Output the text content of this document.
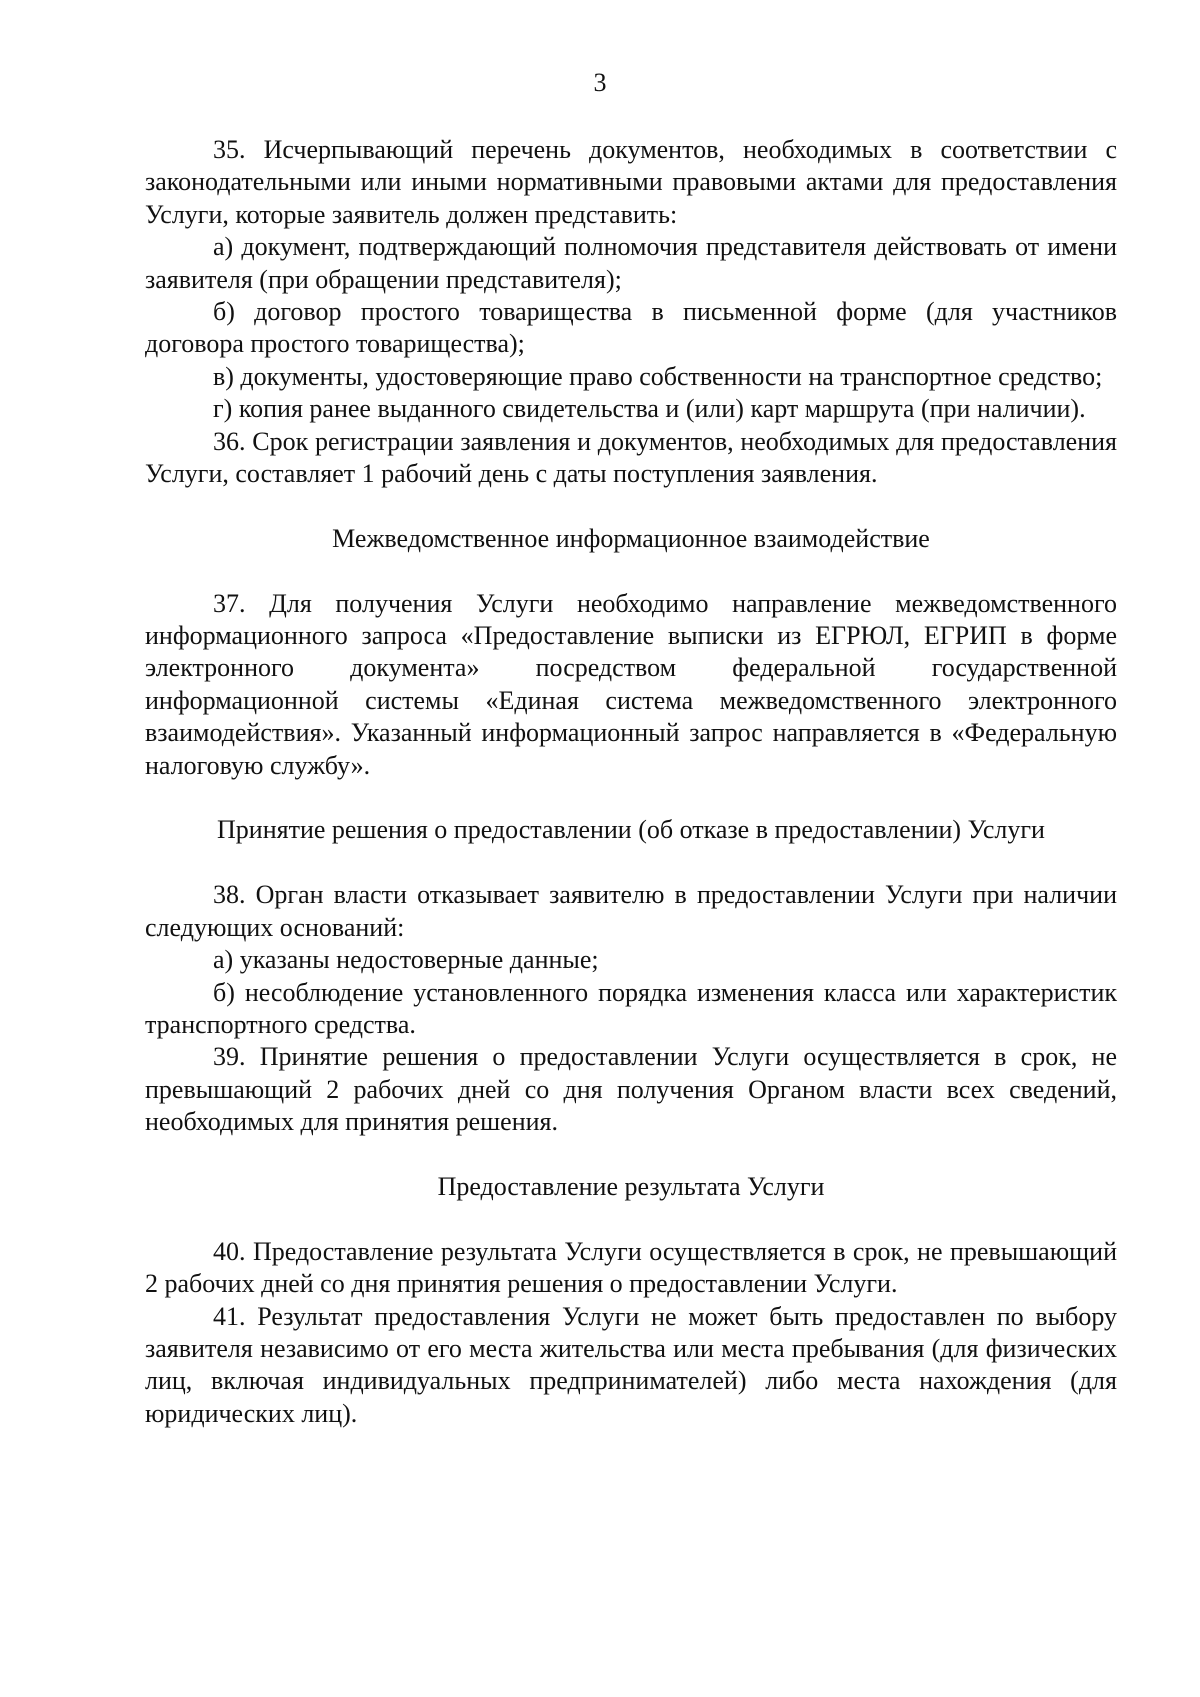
3

35. Исчерпывающий перечень документов, необходимых в соответствии с законодательными или иными нормативными правовыми актами для предоставления Услуги, которые заявитель должен представить:

а) документ, подтверждающий полномочия представителя действовать от имени заявителя (при обращении представителя);

б) договор простого товарищества в письменной форме (для участников договора простого товарищества);

в) документы, удостоверяющие право собственности на транспортное средство;

г) копия ранее выданного свидетельства и (или) карт маршрута (при наличии).

36. Срок регистрации заявления и документов, необходимых для предоставления Услуги, составляет 1 рабочий день с даты поступления заявления.

Межведомственное информационное взаимодействие

37. Для получения Услуги необходимо направление межведомственного информационного запроса «Предоставление выписки из ЕГРЮЛ, ЕГРИП в форме электронного документа» посредством федеральной государственной информационной системы «Единая система межведомственного электронного взаимодействия». Указанный информационный запрос направляется в «Федеральную налоговую службу».

Принятие решения о предоставлении (об отказе в предоставлении) Услуги

38. Орган власти отказывает заявителю в предоставлении Услуги при наличии следующих оснований:

а) указаны недостоверные данные;

б) несоблюдение установленного порядка изменения класса или характеристик транспортного средства.

39. Принятие решения о предоставлении Услуги осуществляется в срок, не превышающий 2 рабочих дней со дня получения Органом власти всех сведений, необходимых для принятия решения.

Предоставление результата Услуги

40. Предоставление результата Услуги осуществляется в срок, не превышающий 2 рабочих дней со дня принятия решения о предоставлении Услуги.

41. Результат предоставления Услуги не может быть предоставлен по выбору заявителя независимо от его места жительства или места пребывания (для физических лиц, включая индивидуальных предпринимателей) либо места нахождения (для юридических лиц).
